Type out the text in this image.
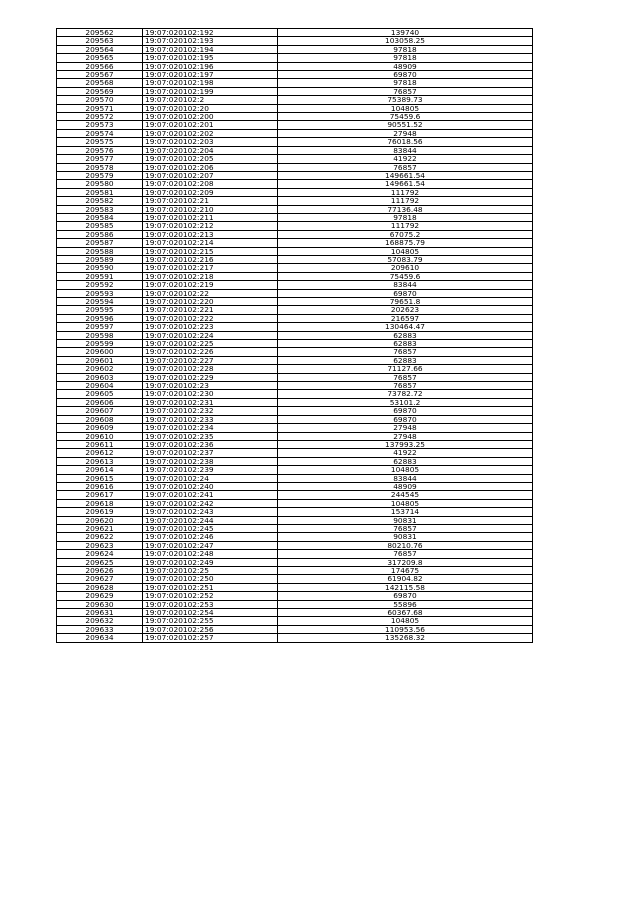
209562	19:07:020102:192	139740
209563	19:07:020102:193	103058.25
209564	19:07:020102:194	97818
209565	19:07:020102:195	97818
209566	19:07:020102:196	48909
209567	19:07:020102:197	69870
209568	19:07:020102:198	97818
209569	19:07:020102:199	76857
209570	19:07:020102:2	75389.73
209571	19:07:020102:20	104805
209572	19:07:020102:200	75459.6
209573	19:07:020102:201	90551.52
209574	19:07:020102:202	27948
209575	19:07:020102:203	76018.56
209576	19:07:020102:204	83844
209577	19:07:020102:205	41922
209578	19:07:020102:206	76857
209579	19:07:020102:207	149661.54
209580	19:07:020102:208	149661.54
209581	19:07:020102:209	111792
209582	19:07:020102:21	111792
209583	19:07:020102:210	77136.48
209584	19:07:020102:211	97818
209585	19:07:020102:212	111792
209586	19:07:020102:213	67075.2
209587	19:07:020102:214	168875.79
209588	19:07:020102:215	104805
209589	19:07:020102:216	57083.79
209590	19:07:020102:217	209610
209591	19:07:020102:218	75459.6
209592	19:07:020102:219	83844
209593	19:07:020102:22	69870
209594	19:07:020102:220	79651.8
209595	19:07:020102:221	202623
209596	19:07:020102:222	216597
209597	19:07:020102:223	130464.47
209598	19:07:020102:224	62883
209599	19:07:020102:225	62883
209600	19:07:020102:226	76857
209601	19:07:020102:227	62883
209602	19:07:020102:228	71127.66
209603	19:07:020102:229	76857
209604	19:07:020102:23	76857
209605	19:07:020102:230	73782.72
209606	19:07:020102:231	53101.2
209607	19:07:020102:232	69870
209608	19:07:020102:233	69870
209609	19:07:020102:234	27948
209610	19:07:020102:235	27948
209611	19:07:020102:236	137993.25
209612	19:07:020102:237	41922
209613	19:07:020102:238	62883
209614	19:07:020102:239	104805
209615	19:07:020102:24	83844
209616	19:07:020102:240	48909
209617	19:07:020102:241	244545
209618	19:07:020102:242	104805
209619	19:07:020102:243	153714
209620	19:07:020102:244	90831
209621	19:07:020102:245	76857
209622	19:07:020102:246	90831
209623	19:07:020102:247	80210.76
209624	19:07:020102:248	76857
209625	19:07:020102:249	317209.8
209626	19:07:020102:25	174675
209627	19:07:020102:250	61904.82
209628	19:07:020102:251	142115.58
209629	19:07:020102:252	69870
209630	19:07:020102:253	55896
209631	19:07:020102:254	60367.68
209632	19:07:020102:255	104805
209633	19:07:020102:256	110953.56
209634	19:07:020102:257	135268.32
